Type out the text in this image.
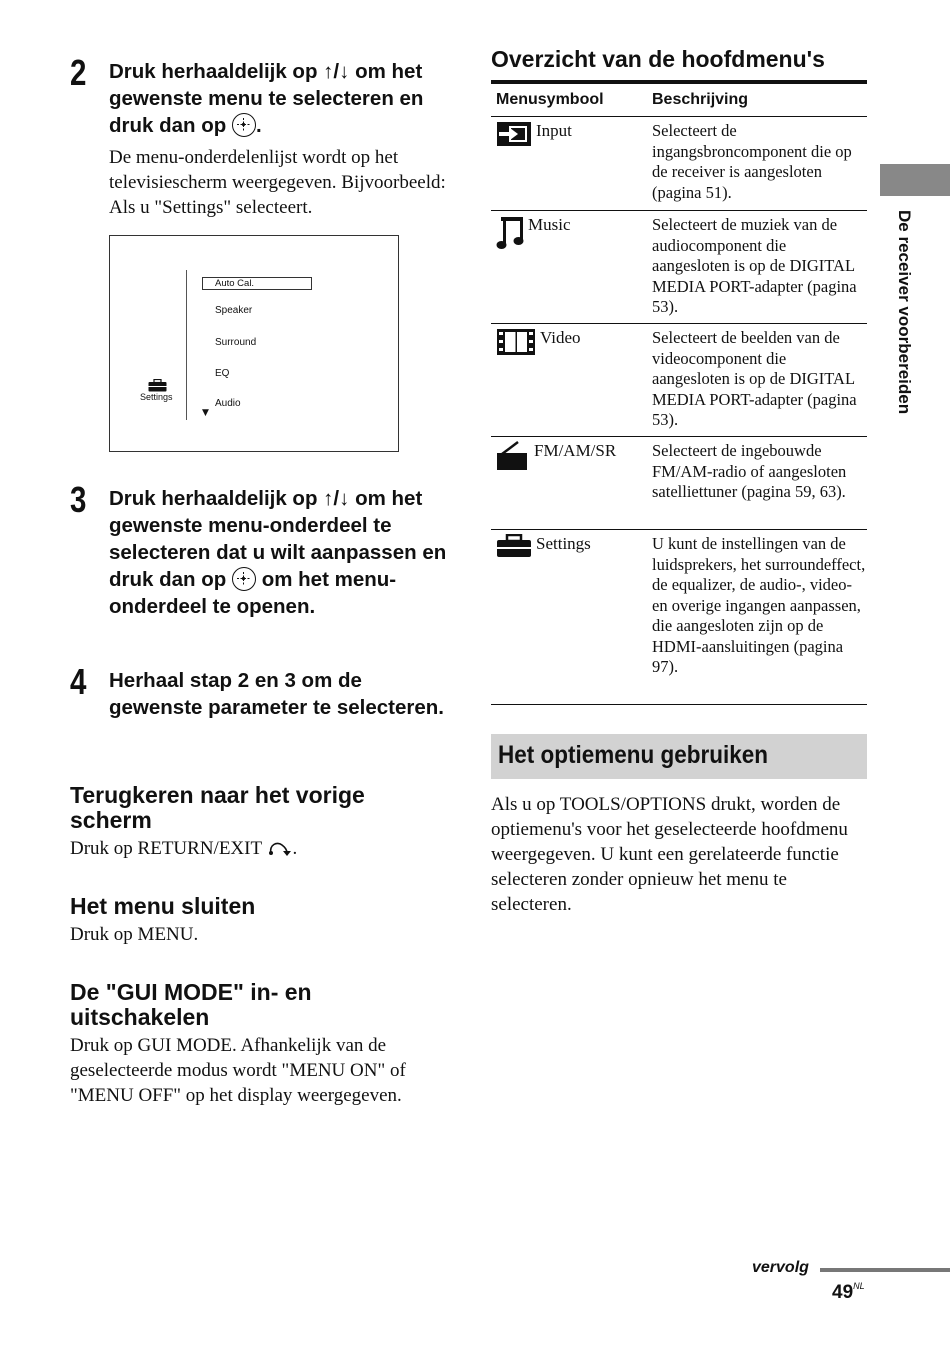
2 Druk herhaaldelijk op ↑/↓ om het gewenste menu te selecteren en druk dan op
.
De menu-onderdelenlijst wordt op het televisiescherm weergegeven. Bijvoorbeeld: Als u "Settings" selecteert.
Auto Cal.
Speaker
Surround
EQ
Audio
Settings
▼
3 Druk herhaaldelijk op ↑/↓ om het gewenste menu-onderdeel te selecteren dat u wilt aanpassen en druk dan op
om het menu-onderdeel te openen.
4 Herhaal stap 2 en 3 om de gewenste parameter te selecteren.
Terugkeren naar het vorige scherm
Druk op RETURN/EXIT .
Het menu sluiten
Druk op MENU.
De "GUI MODE" in- en uitschakelen
Druk op GUI MODE. Afhankelijk van de geselecteerde modus wordt "MENU ON" of "MENU OFF" op het display weergegeven.
Overzicht van de hoofdmenu's
Menusymbool	Beschrijving
Input	Selecteert de ingangsbroncomponent die op de receiver is aangesloten (pagina 51).
Music	Selecteert de muziek van de audiocomponent die aangesloten is op de DIGITAL MEDIA PORT-adapter (pagina 53).
Video	Selecteert de beelden van de videocomponent die aangesloten is op de DIGITAL MEDIA PORT-adapter (pagina 53).
FM/AM/SR	Selecteert de ingebouwde FM/AM-radio of aangesloten satelliettuner (pagina 59, 63).
Settings	U kunt de instellingen van de luidsprekers, het surroundeffect, de equalizer, de audio-, video- en overige ingangen aanpassen, die aangesloten zijn op de HDMI-aansluitingen (pagina 97).
Het optiemenu gebruiken
Als u op TOOLS/OPTIONS drukt, worden de optiemenu's voor het geselecteerde hoofdmenu weergegeven. U kunt een gerelateerde functie selecteren zonder opnieuw het menu te selecteren.
De receiver voorbereiden
vervolg
$49^{NL}$
